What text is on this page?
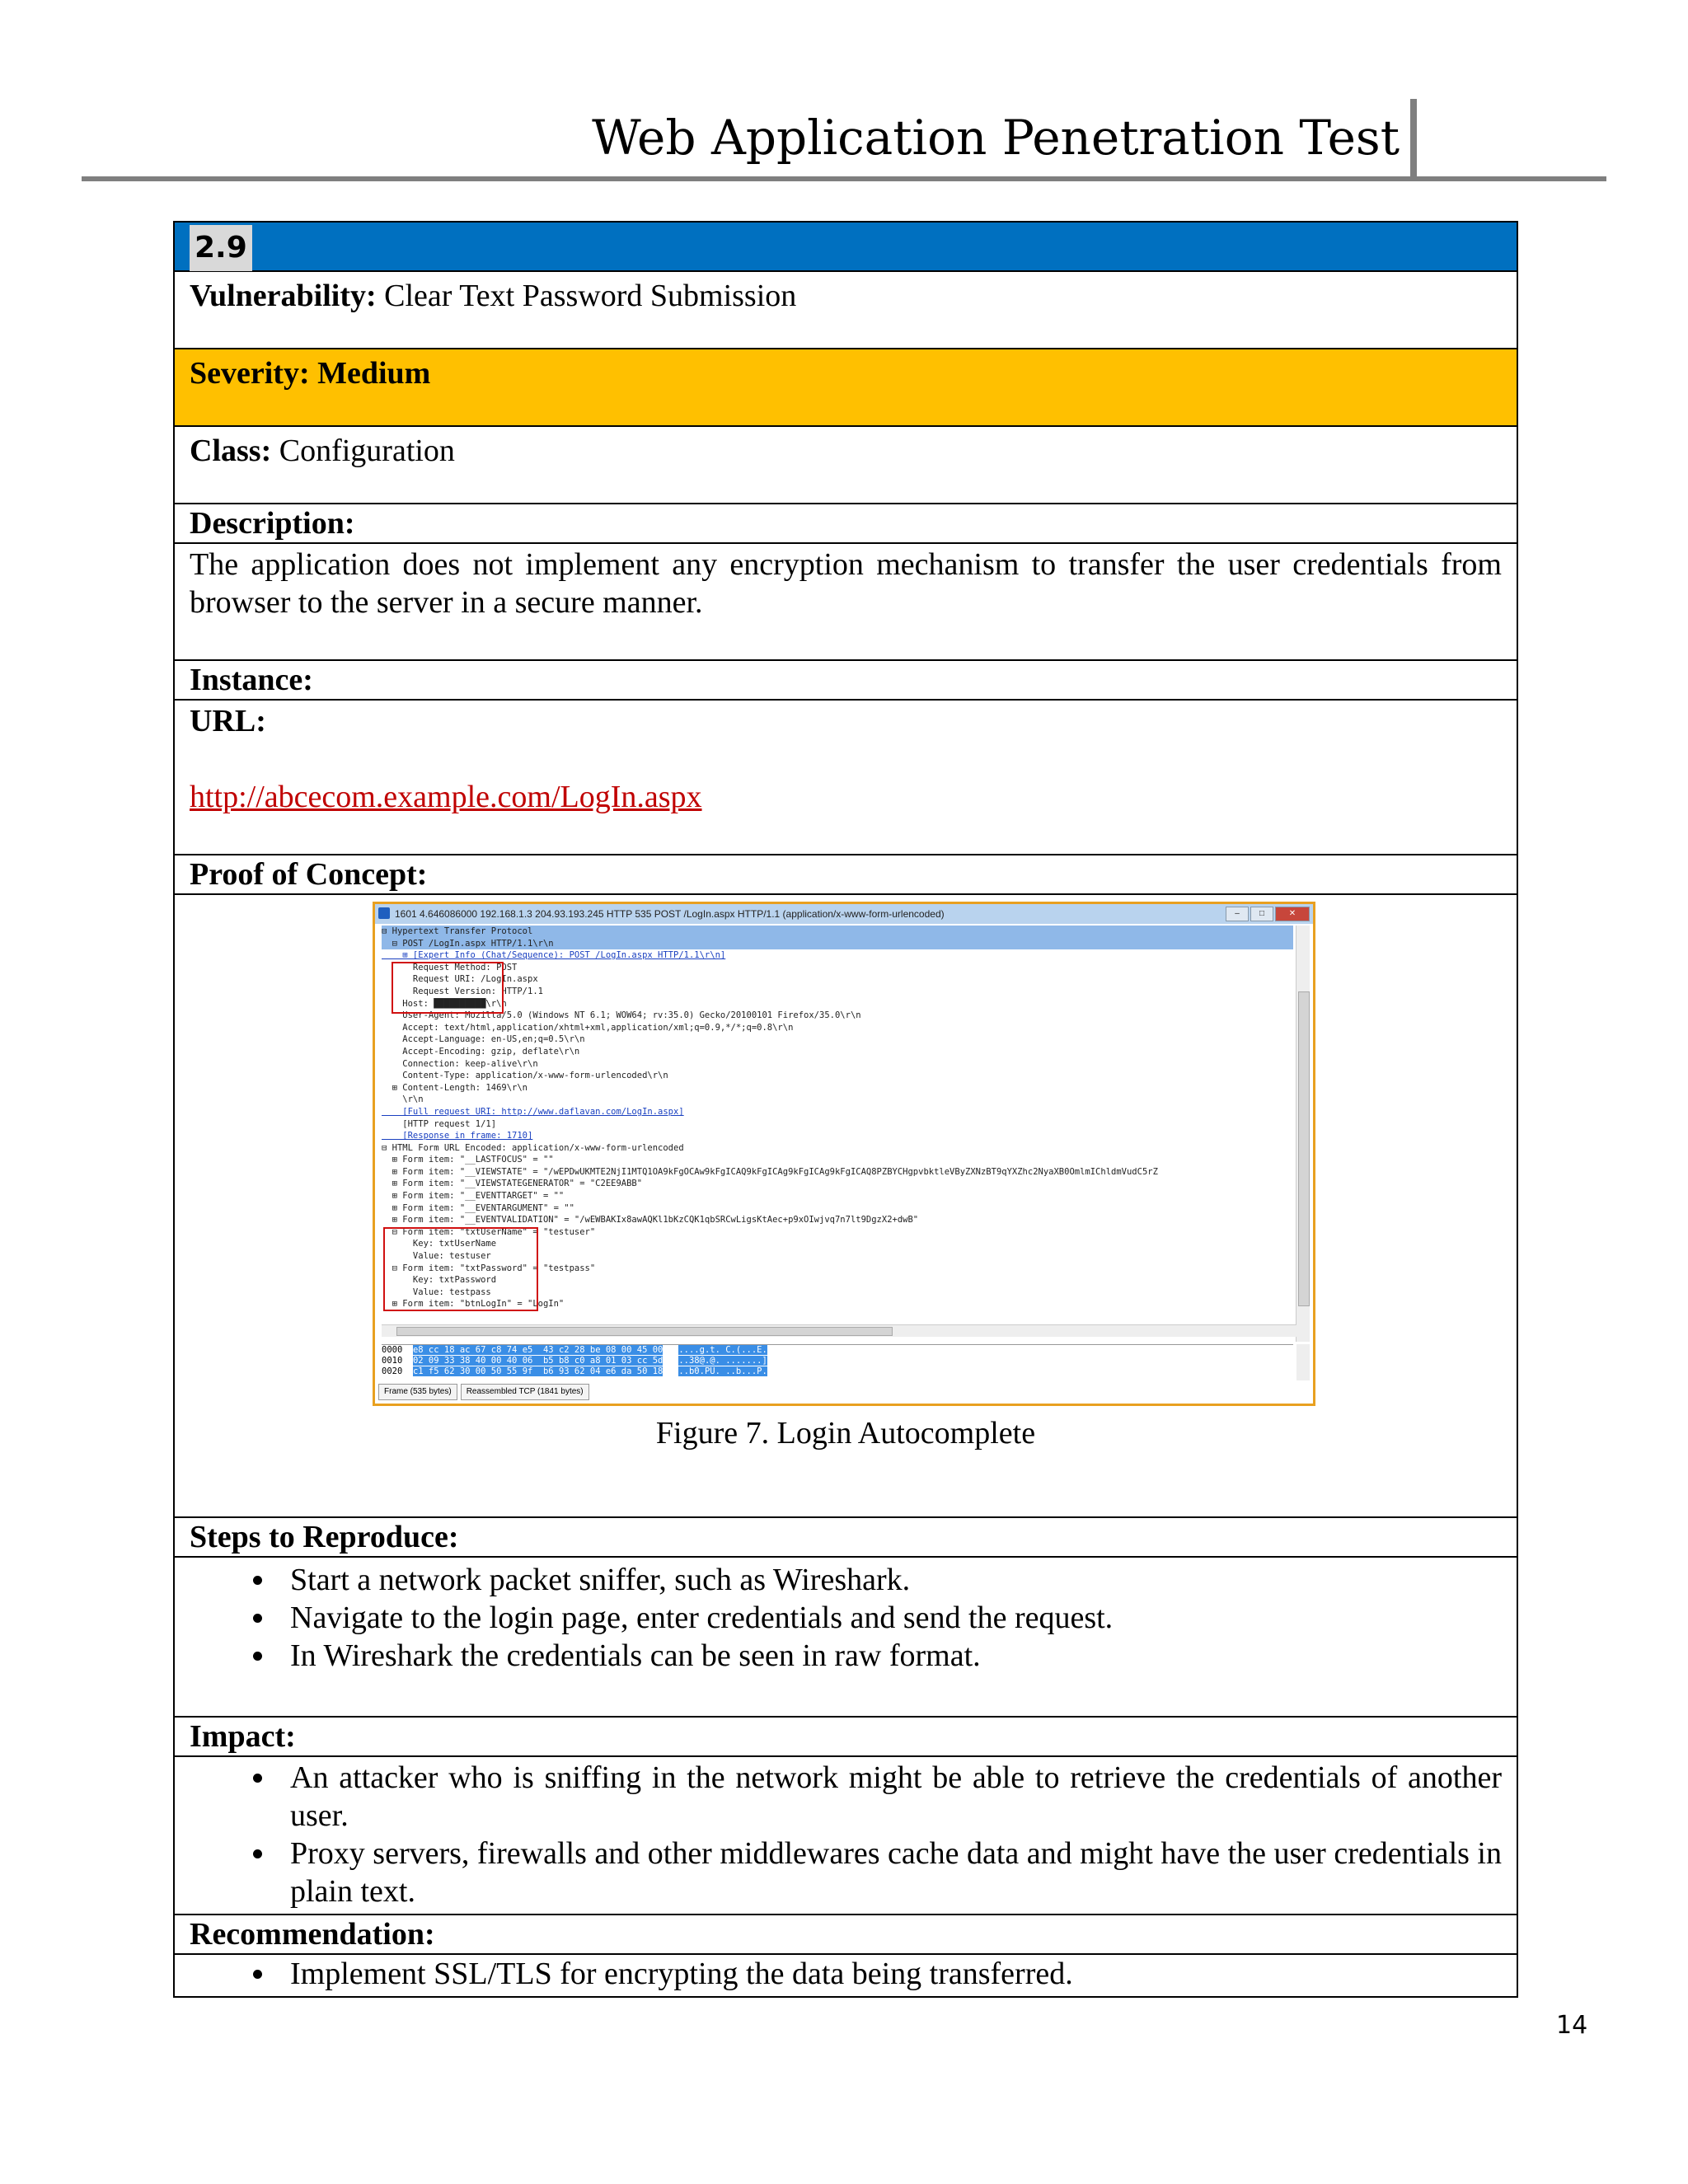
Web Application Penetration Test
2.9
Vulnerability: Clear Text Password Submission
Severity: Medium
Class: Configuration
Description:
The application does not implement any encryption mechanism to transfer the user credentials from browser to the server in a secure manner.
Instance:
URL:
http://abcecom.example.com/LogIn.aspx
Proof of Concept:
1601 4.646086000 192.168.1.3 204.93.193.245 HTTP 535 POST /LogIn.aspx HTTP/1.1 (application/x-www-form-urlencoded)	–	□	✕
⊟ Hypertext Transfer Protocol
⊟ POST /LogIn.aspx HTTP/1.1\r\n
⊞ [Expert Info (Chat/Sequence): POST /LogIn.aspx HTTP/1.1\r\n]
Request Method: POST
Request URI: /LogIn.aspx
Request Version: HTTP/1.1
Host: ██████████\r\n
User-Agent: Mozilla/5.0 (Windows NT 6.1; WOW64; rv:35.0) Gecko/20100101 Firefox/35.0\r\n
Accept: text/html,application/xhtml+xml,application/xml;q=0.9,*/*;q=0.8\r\n
Accept-Language: en-US,en;q=0.5\r\n
Accept-Encoding: gzip, deflate\r\n
Connection: keep-alive\r\n
Content-Type: application/x-www-form-urlencoded\r\n
⊞ Content-Length: 1469\r\n
\r\n
[Full request URI: http://www.daflavan.com/LogIn.aspx]
[HTTP request 1/1]
[Response in frame: 1710]
⊟ HTML Form URL Encoded: application/x-www-form-urlencoded
⊞ Form item: "__LASTFOCUS" = ""
⊞ Form item: "__VIEWSTATE" = "/wEPDwUKMTE2NjI1MTQ1OA9kFgOCAw9kFgICAQ9kFgICAg9kFgICAg9kFgICAQ8PZBYCHgpvbktleVByZXNzBT9qYXZhc2NyaXB0OmlmIChldmVudC5rZ
⊞ Form item: "__VIEWSTATEGENERATOR" = "C2EE9ABB"
⊞ Form item: "__EVENTTARGET" = ""
⊞ Form item: "__EVENTARGUMENT" = ""
⊞ Form item: "__EVENTVALIDATION" = "/wEWBAKIx8awAQKl1bKzCQK1qbSRCwLigsKtAec+p9xOIwjvq7n7lt9DgzX2+dwB"
⊟ Form item: "txtUserName" = "testuser"
Key: txtUserName
Value: testuser
⊟ Form item: "txtPassword" = "testpass"
Key: txtPassword
Value: testpass
⊞ Form item: "btnLogIn" = "LogIn"
0000  e8 cc 18 ac 67 c8 74 e5  43 c2 28 be 08 00 45 00 ....g.t. C.(...E.
0010  02 09 33 38 40 00 40 06  b5 b8 c0 a8 01 03 cc 5d ..38@.@. .......]
0020  c1 f5 62 30 00 50 55 9f  b6 93 62 04 e6 da 50 18 ..b0.PU. ..b...P.
Frame (535 bytes)	Reassembled TCP (1841 bytes)
Figure 7. Login Autocomplete
Steps to Reproduce:
• Start a network packet sniffer, such as Wireshark.
• Navigate to the login page, enter credentials and send the request.
• In Wireshark the credentials can be seen in raw format.
Impact:
• An attacker who is sniffing in the network might be able to retrieve the credentials of another user.
• Proxy servers, firewalls and other middlewares cache data and might have the user credentials in plain text.
Recommendation:
• Implement SSL/TLS for encrypting the data being transferred.
14
